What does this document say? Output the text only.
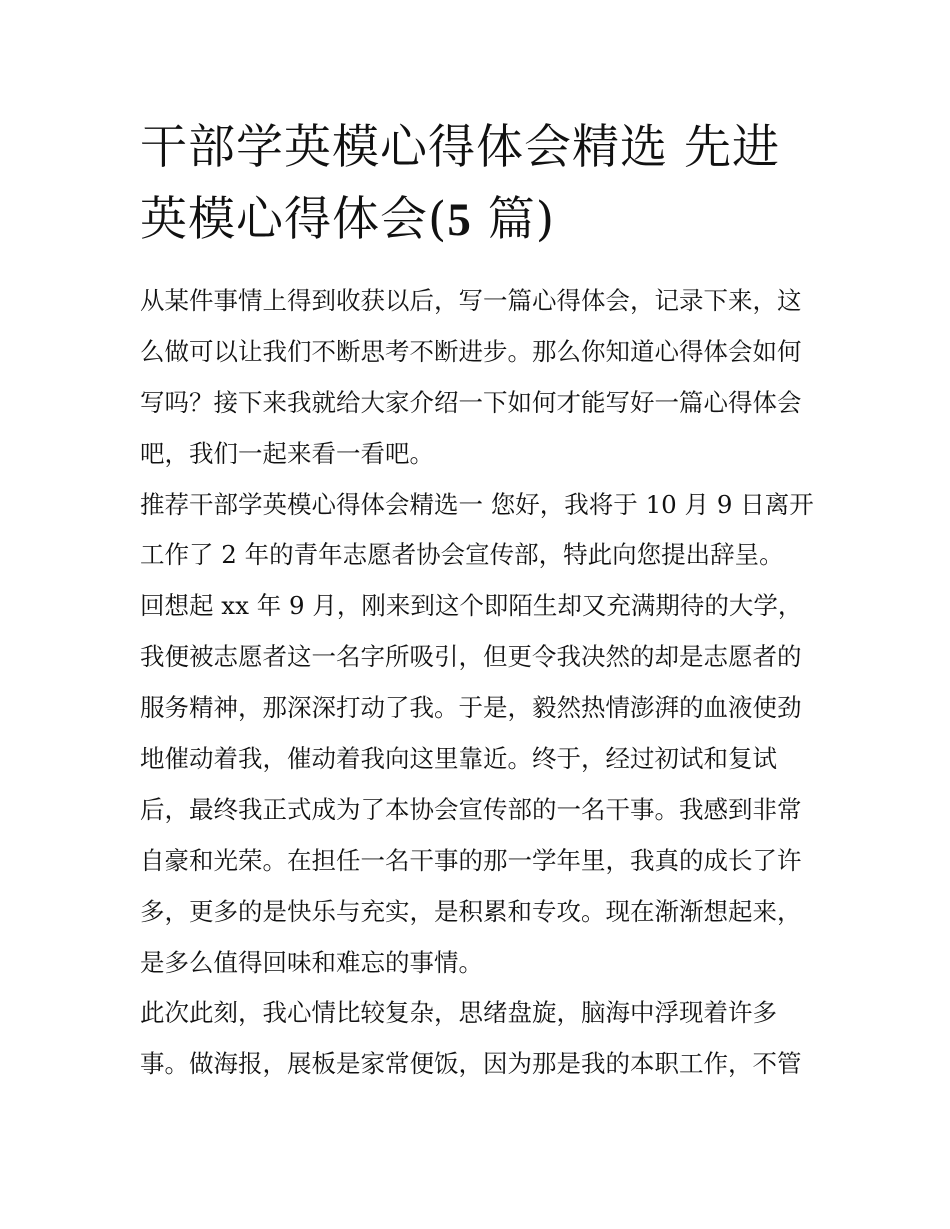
干部学英模心得体会精选 先进
英模心得体会(5 篇)

从某件事情上得到收获以后，写一篇心得体会，记录下来，这

么做可以让我们不断思考不断进步。那么你知道心得体会如何

写吗？接下来我就给大家介绍一下如何才能写好一篇心得体会

吧，我们一起来看一看吧。

推荐干部学英模心得体会精选一 您好，我将于 10 月 9 日离开

工作了 2 年的青年志愿者协会宣传部，特此向您提出辞呈。

回想起 xx 年 9 月，刚来到这个即陌生却又充满期待的大学，

我便被志愿者这一名字所吸引，但更令我决然的却是志愿者的

服务精神，那深深打动了我。于是，毅然热情澎湃的血液使劲

地催动着我，催动着我向这里靠近。终于，经过初试和复试

后，最终我正式成为了本协会宣传部的一名干事。我感到非常

自豪和光荣。在担任一名干事的那一学年里，我真的成长了许

多，更多的是快乐与充实，是积累和专攻。现在渐渐想起来，

是多么值得回味和难忘的事情。

此次此刻，我心情比较复杂，思绪盘旋，脑海中浮现着许多

事。做海报，展板是家常便饭，因为那是我的本职工作，不管
